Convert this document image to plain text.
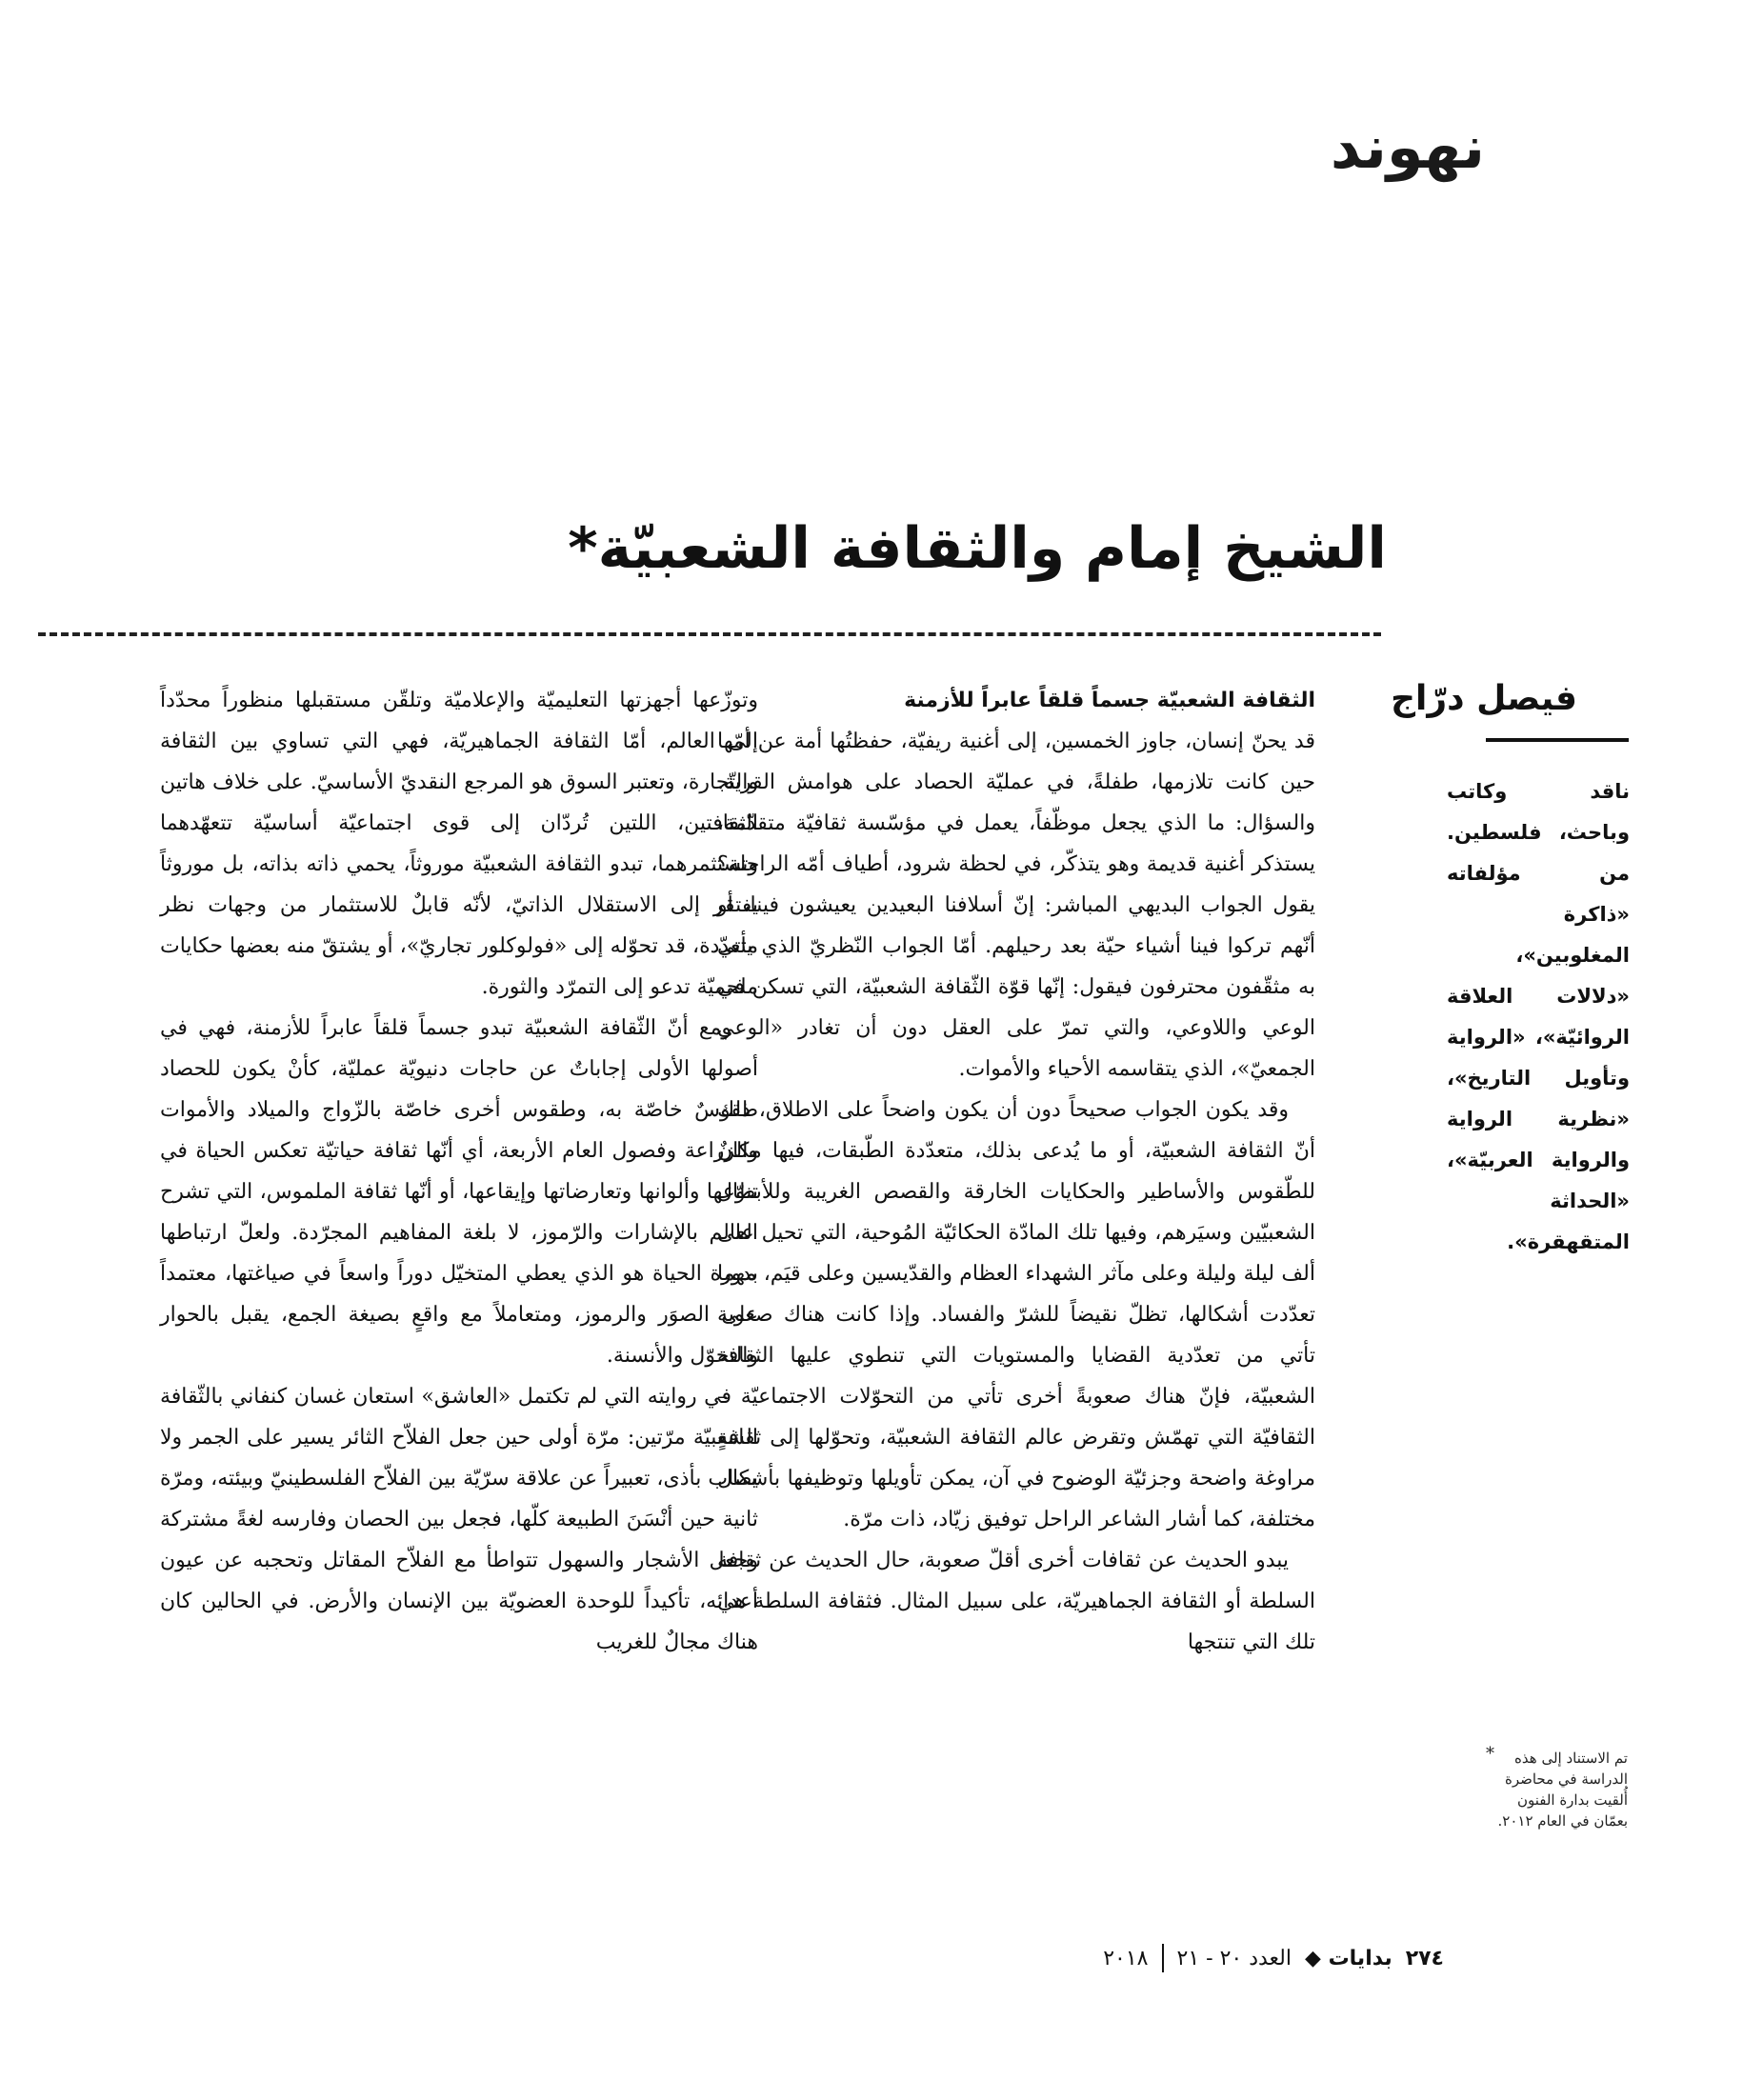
نهوند
الشيخ إمام والثقافة الشعبيّة*
فيصل درّاج

ناقد وكاتب وباحث، فلسطين. من مؤلفاته «ذاكرة المغلوبين»، «دلالات العلاقة الروائيّة»، «الرواية وتأويل التاريخ»، «نظرية الرواية والرواية العربيّة»، «الحداثة المتقهقرة».

* تم الاستناد إلى هذه الدراسة في محاضرة أُلقيت بدارة الفنون بعمّان في العام ٢٠١٢.
الثقافة الشعبيّة جسماً قلقاً عابراً للأزمنة

قد يحنّ إنسان، جاوز الخمسين، إلى أغنية ريفيّة، حفظتُها أمة عن أمّها حين كانت تلازمها، طفلةً، في عمليّة الحصاد على هوامش القرية. والسؤال: ما الذي يجعل موظّفاً، يعمل في مؤسّسة ثقافيّة متقدّمة، يستذكر أغنية قديمة وهو يتذكّر، في لحظة شرود، أطياف أمّه الراحلة؟ يقول الجواب البديهي المباشر: إنّ أسلافنا البعيدين يعيشون فينا، أو أنّهم تركوا فينا أشياء حيّة بعد رحيلهم. أمّا الجواب النّظريّ الذي يأتي به مثقّفون محترفون فيقول: إنّها قوّة الثّقافة الشعبيّة، التي تسكن في الوعي واللاوعي، والتي تمرّ على العقل دون أن تغادر «الوعي الجمعيّ»، الذي يتقاسمه الأحياء والأموات.

وقد يكون الجواب صحيحاً دون أن يكون واضحاً على الاطلاق، ذلك أنّ الثقافة الشعبيّة، أو ما يُدعى بذلك، متعدّدة الطّبقات، فيها مكانٌ للطّقوس والأساطير والحكايات الخارقة والقصص الغريبة وللأبطال الشعبيّين وسيَرهم، وفيها تلك المادّة الحكائيّة المُوحية، التي تحيل على ألف ليلة وليلة وعلى مآثر الشهداء العظام والقدّيسين وعلى قيَم، مهما تعدّدت أشكالها، تظلّ نقيضاً للشرّ والفساد. وإذا كانت هناك صعوبة تأتي من تعدّدية القضايا والمستويات التي تنطوي عليها الثقافة الشعبيّة، فإنّ هناك صعوبةً أخرى تأتي من التحوّلات الاجتماعيّة – الثقافيّة التي تهمّش وتقرض عالم الثقافة الشعبيّة، وتحوّلها إلى ثقافةٍ مراوغة واضحة وجزئيّة الوضوح في آن، يمكن تأويلها وتوظيفها بأشكال مختلفة، كما أشار الشاعر الراحل توفيق زيّاد، ذات مرّة.

يبدو الحديث عن ثقافات أخرى أقلّ صعوبة، حال الحديث عن ثقافة السلطة أو الثقافة الجماهيريّة، على سبيل المثال. فثقافة السلطة هي تلك التي تنتجها

وتوزّعها أجهزتها التعليميّة والإعلاميّة وتلقّن مستقبلها منظوراً محدّداً إلى العالم، أمّا الثقافة الجماهيريّة، فهي التي تساوي بين الثقافة والتّجارة، وتعتبر السوق هو المرجع النقديّ الأساسيّ. على خلاف هاتين الثقافتين، اللتين تُردّان إلى قوى اجتماعيّة أساسيّة تتعهّدهما وتستثمرهما، تبدو الثقافة الشعبيّة موروثاً، يحمي ذاته بذاته، بل موروثاً يفتقر إلى الاستقلال الذاتيّ، لأنّه قابلٌ للاستثمار من وجهات نظر متعدّدة، قد تحوّله إلى «فولوكلور تجاريّ»، أو يشتقّ منه بعضها حكايات ملحميّة تدعو إلى التمرّد والثورة.

ومع أنّ الثّقافة الشعبيّة تبدو جسماً قلقاً عابراً للأزمنة، فهي في أصولها الأولى إجاباتٌ عن حاجات دنيويّة عمليّة، كأنْ يكون للحصاد طقوسٌ خاصّة به، وطقوس أخرى خاصّة بالزّواج والميلاد والأموات والزراعة وفصول العام الأربعة، أي أنّها ثقافة حياتيّة تعكس الحياة في تنوّعها وألوانها وتعارضاتها وإيقاعها، أو أنّها ثقافة الملموس، التي تشرح العالم بالإشارات والرّموز، لا بلغة المفاهيم المجرّدة. ولعلّ ارتباطها بدورة الحياة هو الذي يعطي المتخيّل دوراً واسعاً في صياغتها، معتمداً على الصوَر والرموز، ومتعاملاً مع واقعٍ بصيغة الجمع، يقبل بالحوار والتحوّل والأنسنة.

في روايته التي لم تكتمل «العاشق» استعان غسان كنفاني بالثّقافة الشعبيّة مرّتين: مرّة أولى حين جعل الفلاّح الثائر يسير على الجمر ولا يصاب بأذى، تعبيراً عن علاقة سرّيّة بين الفلاّح الفلسطينيّ وبيئته، ومرّة ثانية حين أنْسَنَ الطبيعة كلّها، فجعل بين الحصان وفارسه لغةً مشتركة وجعل الأشجار والسهول تتواطأ مع الفلاّح المقاتل وتحجبه عن عيون أعدائه، تأكيداً للوحدة العضويّة بين الإنسان والأرض. في الحالين كان هناك مجالٌ للغريب

٢٧٤
بدايات ◆
العدد ٢٠ - ٢١
٢٠١٨
